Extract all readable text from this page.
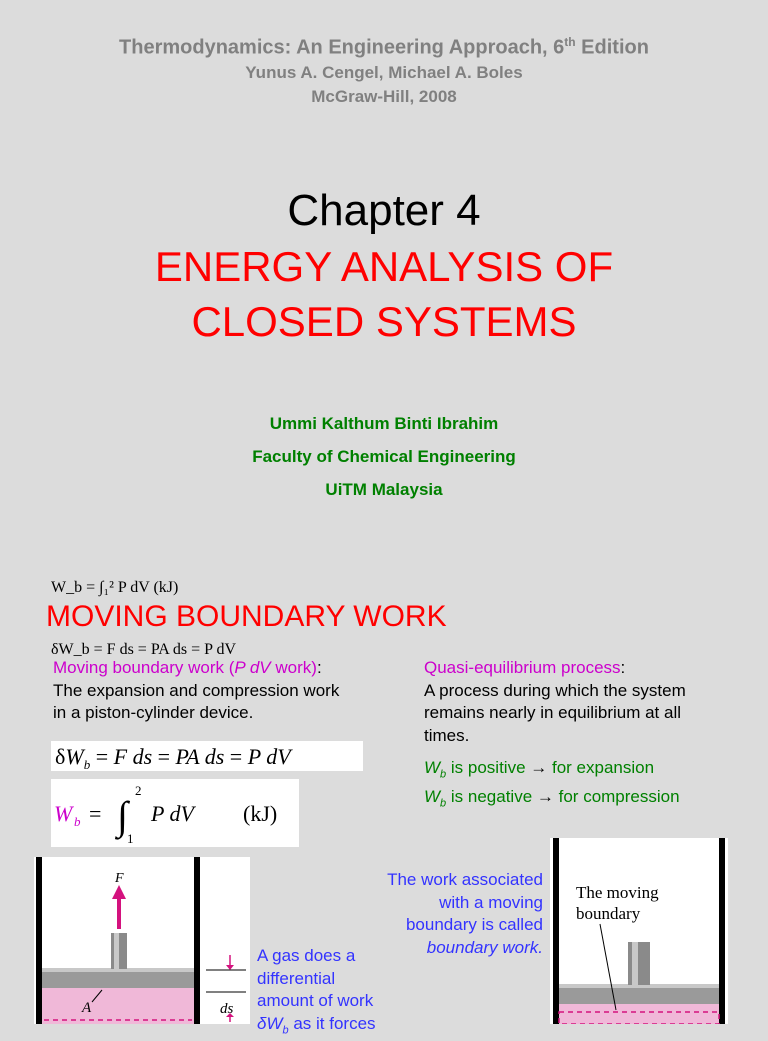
Thermodynamics: An Engineering Approach, 6th Edition
Yunus A. Cengel, Michael A. Boles
McGraw-Hill, 2008
Chapter 4
ENERGY ANALYSIS OF
CLOSED SYSTEMS
Ummi Kalthum Binti Ibrahim
Faculty of Chemical Engineering
UiTM Malaysia
MOVING BOUNDARY WORK
Moving boundary work (P dV work):
The expansion and compression work
in a piston-cylinder device.
Quasi-equilibrium process:
A process during which the system
remains nearly in equilibrium at all
times.
$W_b$ is positive → for expansion
$W_b$ is negative → for compression
δW_b = F ds = PA ds = P dV
$\delta W_b = F$ ds = PA ds = P dV
W_b = ∫₁² P dV (kJ)
W b = ∫
2
1
P dV (kJ)
F
A	ds
A gas does a
differential
amount of work
$\delta W_b$ as it forces
The work associated
with a moving
boundary is called
boundary work.
The moving
boundary
